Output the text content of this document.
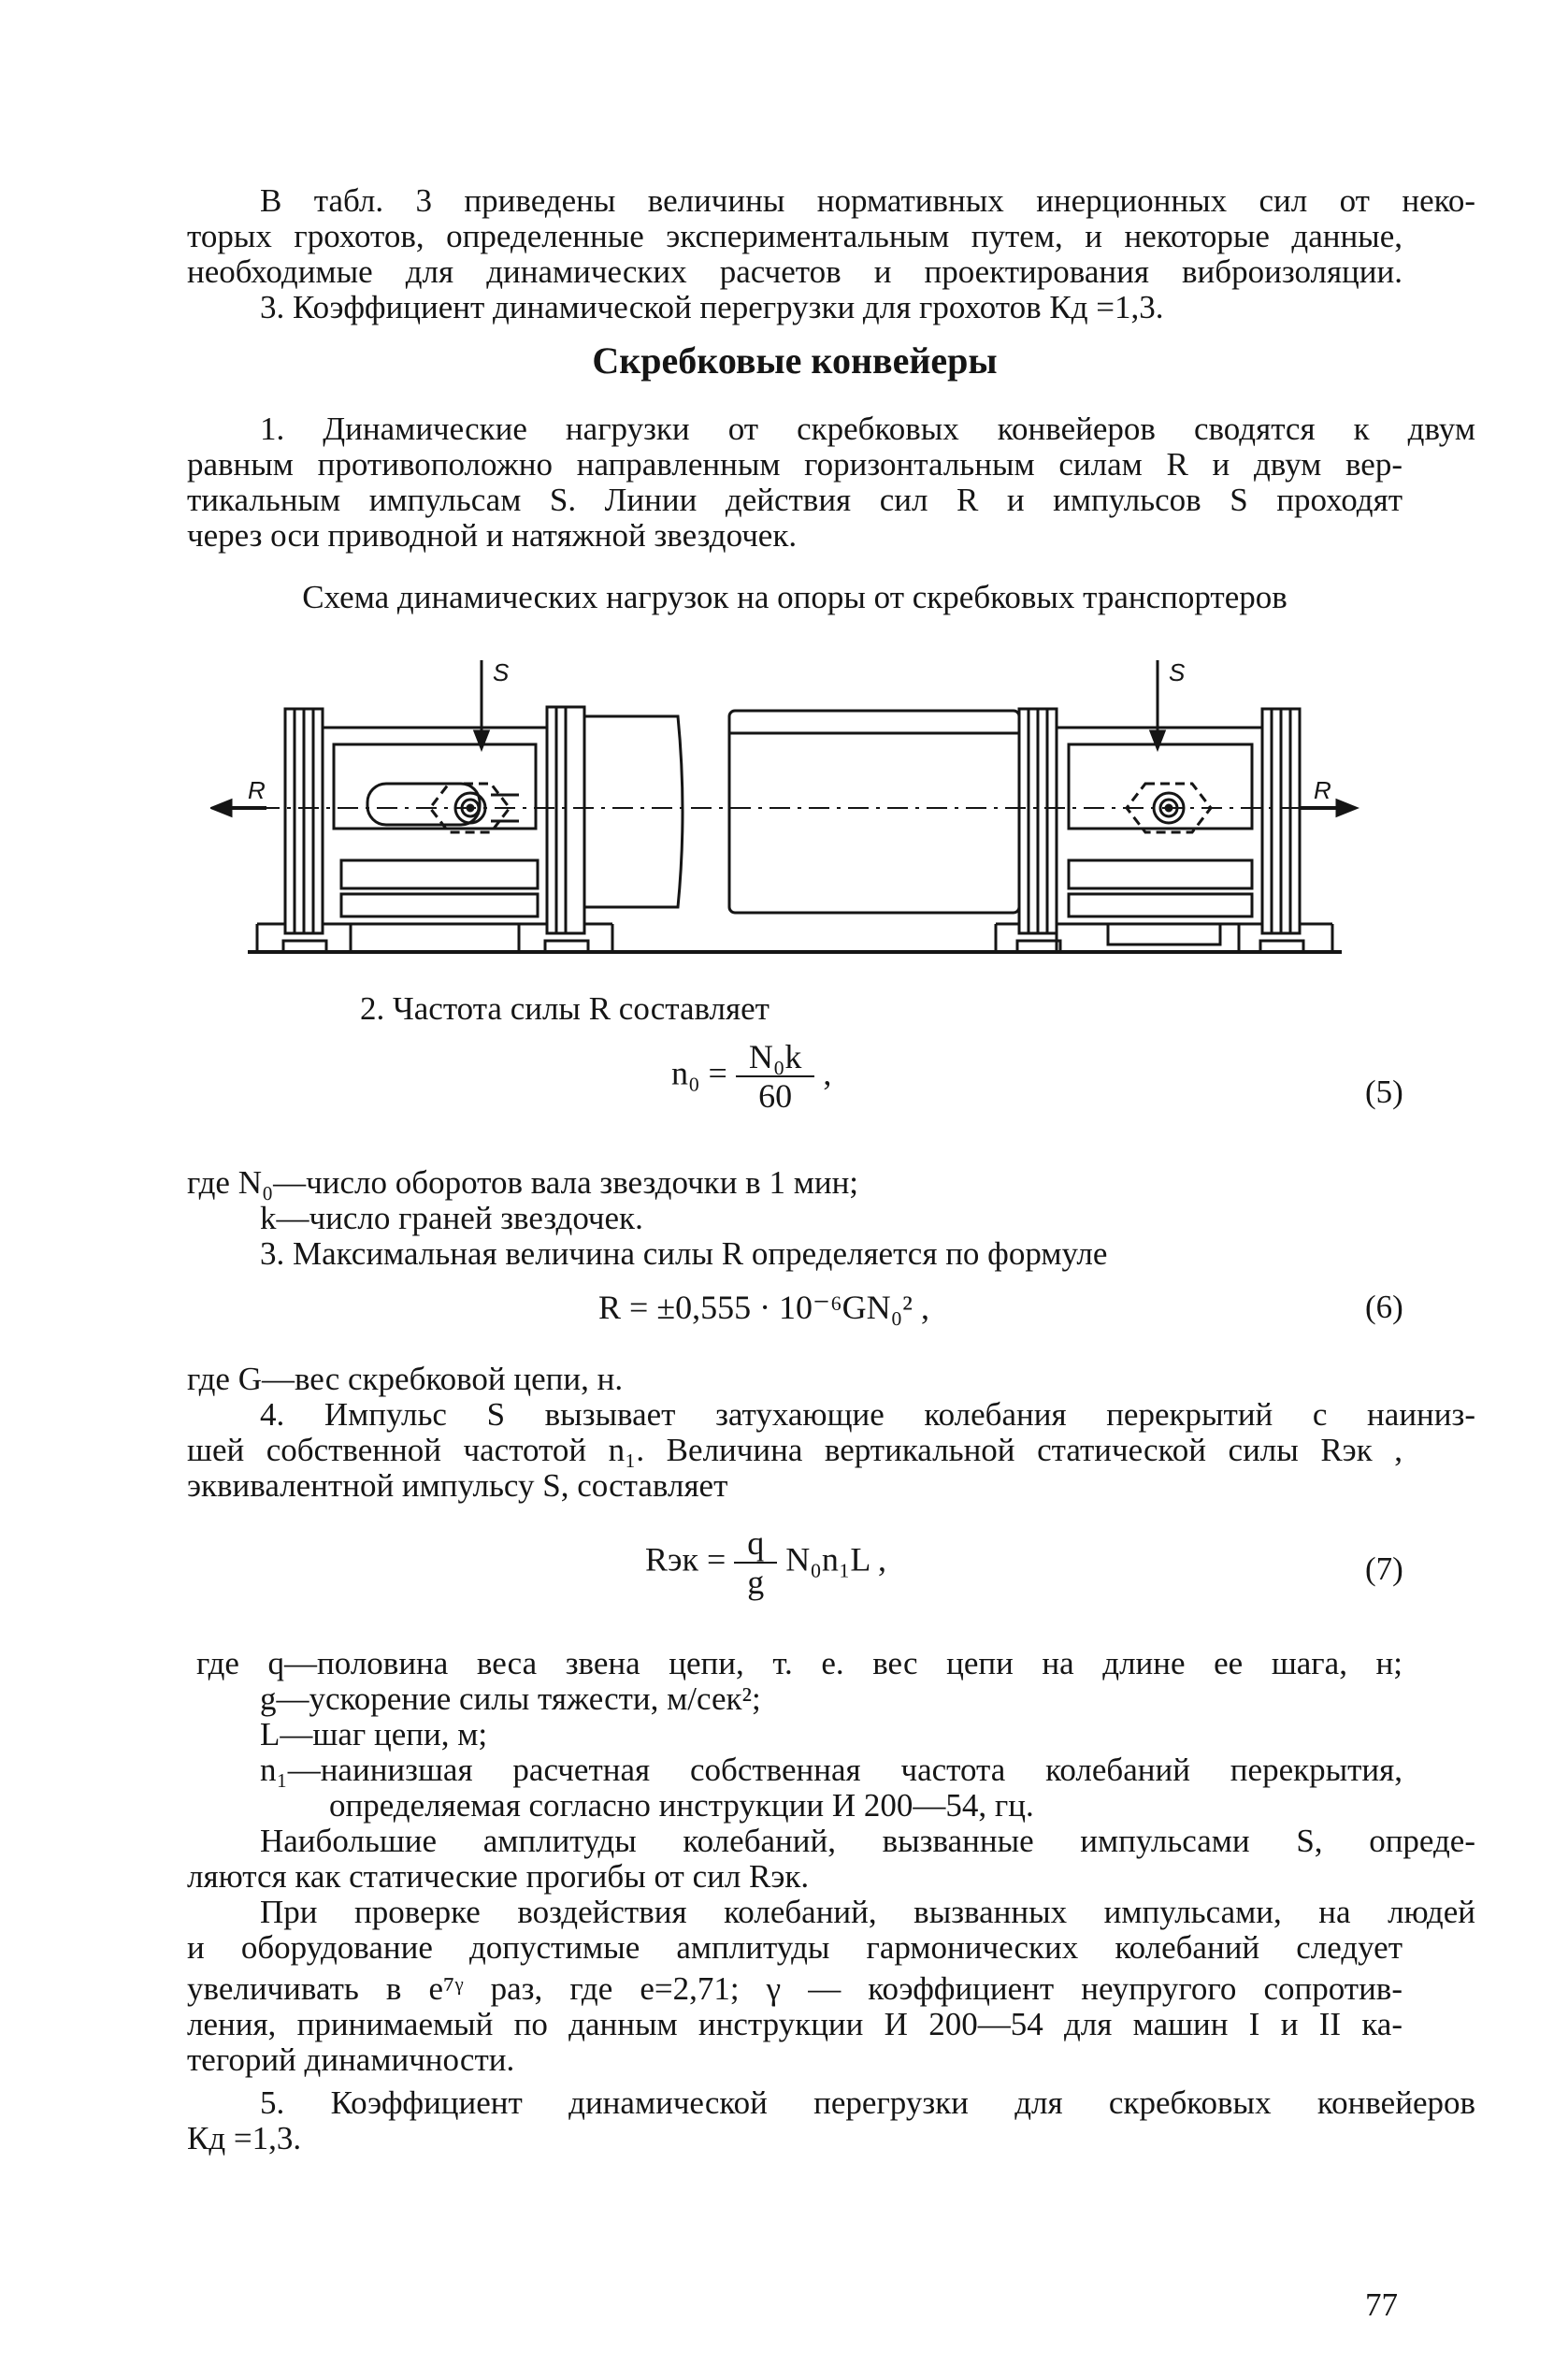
В табл. 3 приведены величины нормативных инерционных сил от неко-

торых грохотов, определенные экспериментальным путем, и некоторые данные,

необходимые для динамических расчетов и проектирования виброизоляции.

3. Коэффициент динамической перегрузки для грохотов Кд =1,3.

Скребковые конвейеры

1. Динамические нагрузки от скребковых конвейеров сводятся к двум

равным противоположно направленным горизонтальным силам R и двум вер-

тикальным импульсам S. Линии действия сил R и импульсов S проходят

через оси приводной и натяжной звездочек.

Схема динамических нагрузок на опоры от скребковых транспортеров

S	S
R	R

2. Частота силы R составляет

$n_0 = \frac{\text{N₀k}}{60}$ ,
(5)

где N₀—число оборотов вала звездочки в 1 мин;

k—число граней звездочек.

3. Максимальная величина силы R определяется по формуле

R = ±0,555 · 10⁻⁶GN₀² ,	(6)

где G—вес скребковой цепи, н.

4. Импульс S вызывает затухающие колебания перекрытий с наиниз-

шей собственной частотой n₁. Величина вертикальной статической силы Rэк ,

эквивалентной импульсу S, составляет

Rэк = $\frac{q}{g} N_0n_1L$ ,	(7)

где q—половина веса звена цепи, т. е. вес цепи на длине ее шага, н;

g—ускорение силы тяжести, м/сек²;

L—шаг цепи, м;

n₁—наинизшая расчетная собственная частота колебаний перекрытия,

определяемая согласно инструкции И 200—54, гц.

Наибольшие амплитуды колебаний, вызванные импульсами S, опреде-

ляются как статические прогибы от сил Rэк.

При проверке воздействия колебаний, вызванных импульсами, на людей

и оборудование допустимые амплитуды гармонических колебаний следует

увеличивать в e⁷ᵞ раз, где e=2,71; γ — коэффициент неупругого сопротив-

ления, принимаемый по данным инструкции И 200—54 для машин I и II ка-

тегорий динамичности.

5. Коэффициент динамической перегрузки для скребковых конвейеров

Кд =1,3.

77
